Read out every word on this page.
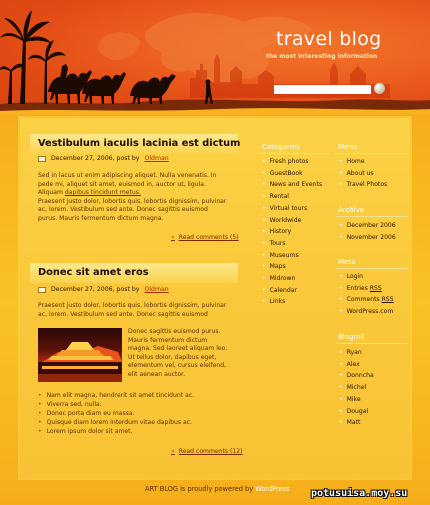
travel blog
the most interesting information
Vestibulum iaculis lacinia est dictum
December 27, 2006, post by Oldman
Sed in lacus ut enim adipiscing aliquet. Nulla venenatis. In
pede mi, aliquet sit amet, euismod in, auctor ut, ligula.
Aliquam dapibus tincidunt metus.
Praesent justo dolor, lobortis quis, lobortis dignissim, pulvinar
ac, lorem. Vestibulum sed ante. Donec sagittis euismod
purus. Mauris fermentum dictum magna.
» Read comments (5)
Donec sit amet eros
December 27, 2006, post by Oldman
Praesent justo dolor, lobortis quis, lobortis dignissim, pulvinar
ac, lorem. Vestibulum sed ante. Donec sagittis euismod
Donec sagittis euismod purus.
Mauris fermentum dictum
magna. Sed laoreet aliquam leo.
Ut tellus dolor, dapibus eget,
elementum vel, cursus eleifend,
elit aenean auctor.
• Nam elit magna, hendrerit sit amet tincidunt ac.
• Viverra sed, nulla.
• Donec porta diam eu massa.
• Quisque diam lorem interdum vitae dapibus ac.
• Lorem ipsum dolor sit amet.
» Read comments (12)
Categories
• Fresh photos
• GuestBook
• News and Events
• Rental
• Virtual tours
• Worldwide
• History
• Tours
• Museums
• Maps
• Midrown
• Calendar
• Links
Menu
• Home
• About us
• Travel Photos
Archive
• December 2006
• November 2006
Meta
• Login
• Entries RSS
• Comments RSS
• WordPress.com
Blogroll
• Ryan
• Alex
• Donncha
• Michel
• Mike
• Dougal
• Matt
ART BLOG is proudly powered by WordPress potusuisa.moy.su
